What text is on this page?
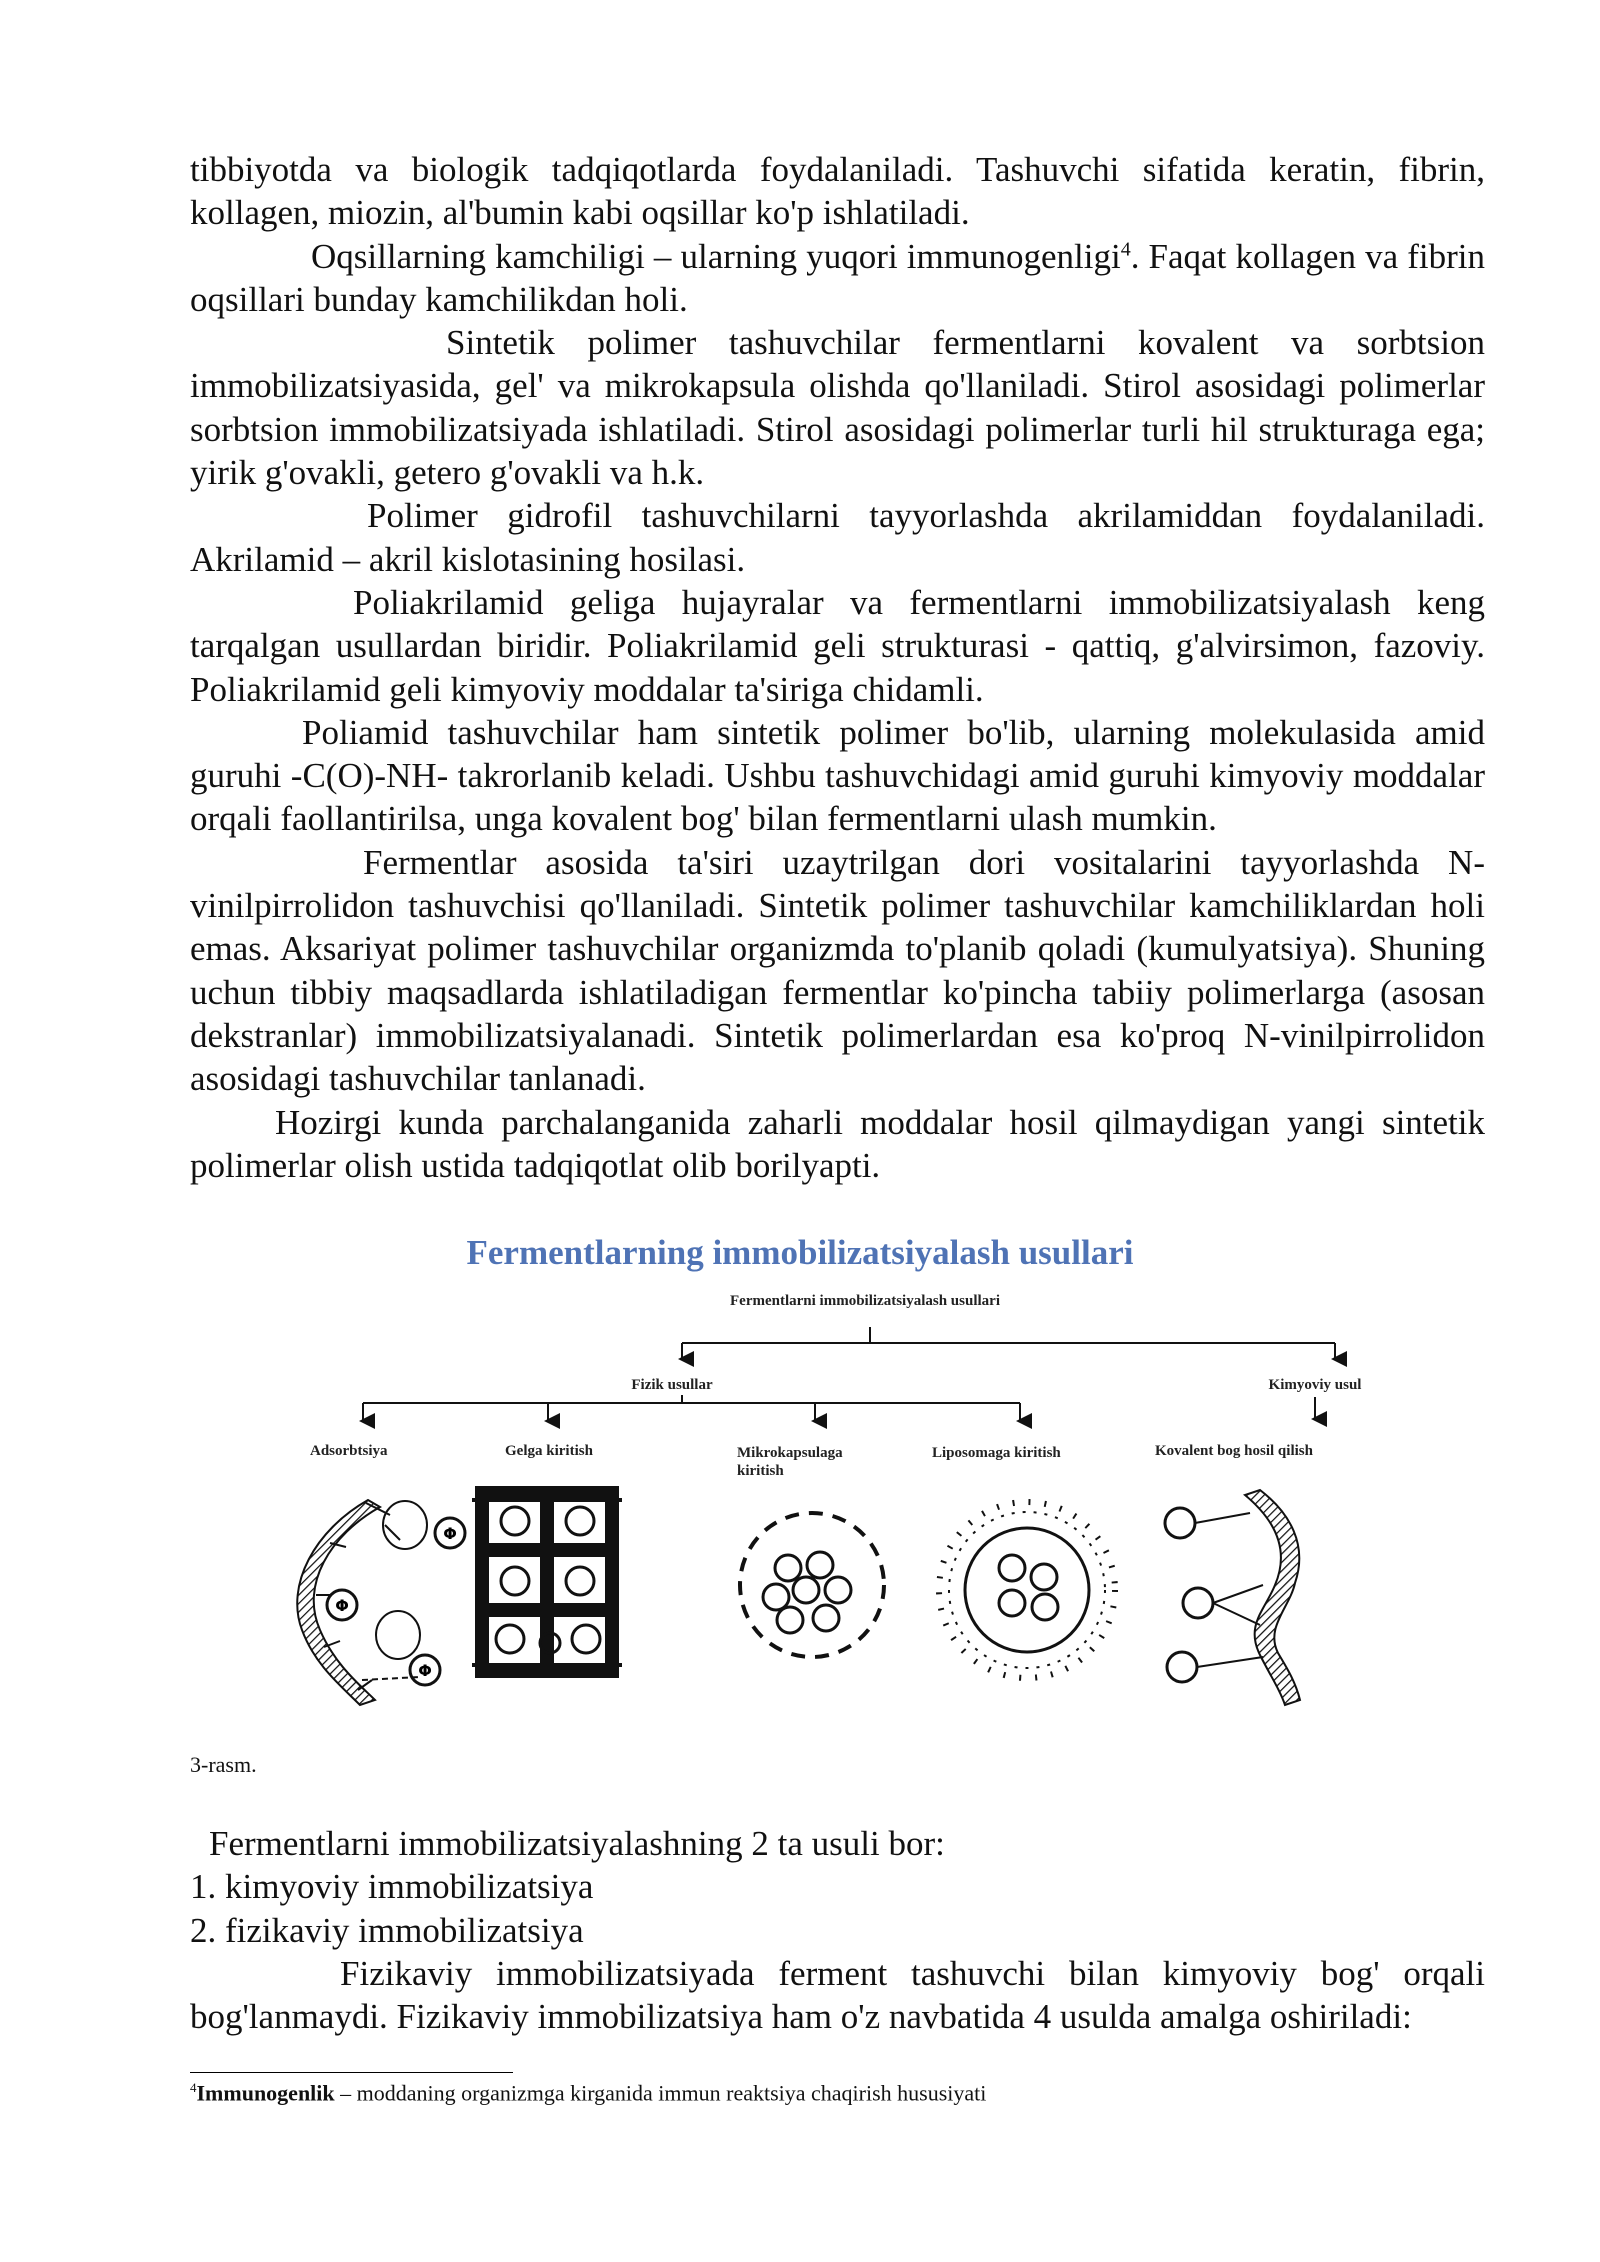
tibbiyotda va biologik tadqiqotlarda foydalaniladi. Tashuvchi sifatida keratin, fibrin, kollagen, miozin, al'bumin kabi oqsillar ko'p ishlatiladi.

Oqsillarning kamchiligi – ularning yuqori immunogenligi$^4$. Faqat kollagen va fibrin oqsillari bunday kamchilikdan holi.

Sintetik polimer tashuvchilar fermentlarni kovalent va sorbtsion immobilizatsiyasida, gel' va mikrokapsula olishda qo'llaniladi. Stirol asosidagi polimerlar sorbtsion immobilizatsiyada ishlatiladi. Stirol asosidagi polimerlar turli hil strukturaga ega; yirik g'ovakli, getero g'ovakli va h.k.

Polimer gidrofil tashuvchilarni tayyorlashda akrilamiddan foydalaniladi. Akrilamid – akril kislotasining hosilasi.

Poliakrilamid geliga hujayralar va fermentlarni immobilizatsiyalash keng tarqalgan usullardan biridir. Poliakrilamid geli strukturasi - qattiq, g'alvirsimon, fazoviy. Poliakrilamid geli kimyoviy moddalar ta'siriga chidamli.

Poliamid tashuvchilar ham sintetik polimer bo'lib, ularning molekulasida amid guruhi -C(O)-NH- takrorlanib keladi. Ushbu tashuvchidagi amid guruhi kimyoviy moddalar orqali faollantirilsa, unga kovalent bog' bilan fermentlarni ulash mumkin.

Fermentlar asosida ta'siri uzaytrilgan dori vositalarini tayyorlashda N-vinilpirrolidon tashuvchisi qo'llaniladi. Sintetik polimer tashuvchilar kamchiliklardan holi emas. Aksariyat polimer tashuvchilar organizmda to'planib qoladi (kumulyatsiya). Shuning uchun tibbiy maqsadlarda ishlatiladigan fermentlar ko'pincha tabiiy polimerlarga (asosan dekstranlar) immobilizatsiyalanadi. Sintetik polimerlardan esa ko'proq N-vinilpirrolidon asosidagi tashuvchilar tanlanadi.

Hozirgi kunda parchalanganida zaharli moddalar hosil qilmaydigan yangi sintetik polimerlar olish ustida tadqiqotlat olib borilyapti.

Fermentlarning immobilizatsiyalash usullari
Fermentlarni immobilizatsiyalash usullari
Fizik usullar	Kimyoviy usul
Adsorbtsiya	Gelga kiritish	Mikrokapsulaga
kiritish
Liposomaga kiritish	Kovalent bog hosil qilish
Φ
Φ
Φ
3-rasm.

Fermentlarni immobilizatsiyalashning 2 ta usuli bor:

1. kimyoviy immobilizatsiya

2. fizikaviy immobilizatsiya

Fizikaviy immobilizatsiyada ferment tashuvchi bilan kimyoviy bog' orqali bog'lanmaydi. Fizikaviy immobilizatsiya ham o'z navbatida 4 usulda amalga oshiriladi:

$^4$Immunogenlik – moddaning organizmga kirganida immun reaktsiya chaqirish hususiyati
